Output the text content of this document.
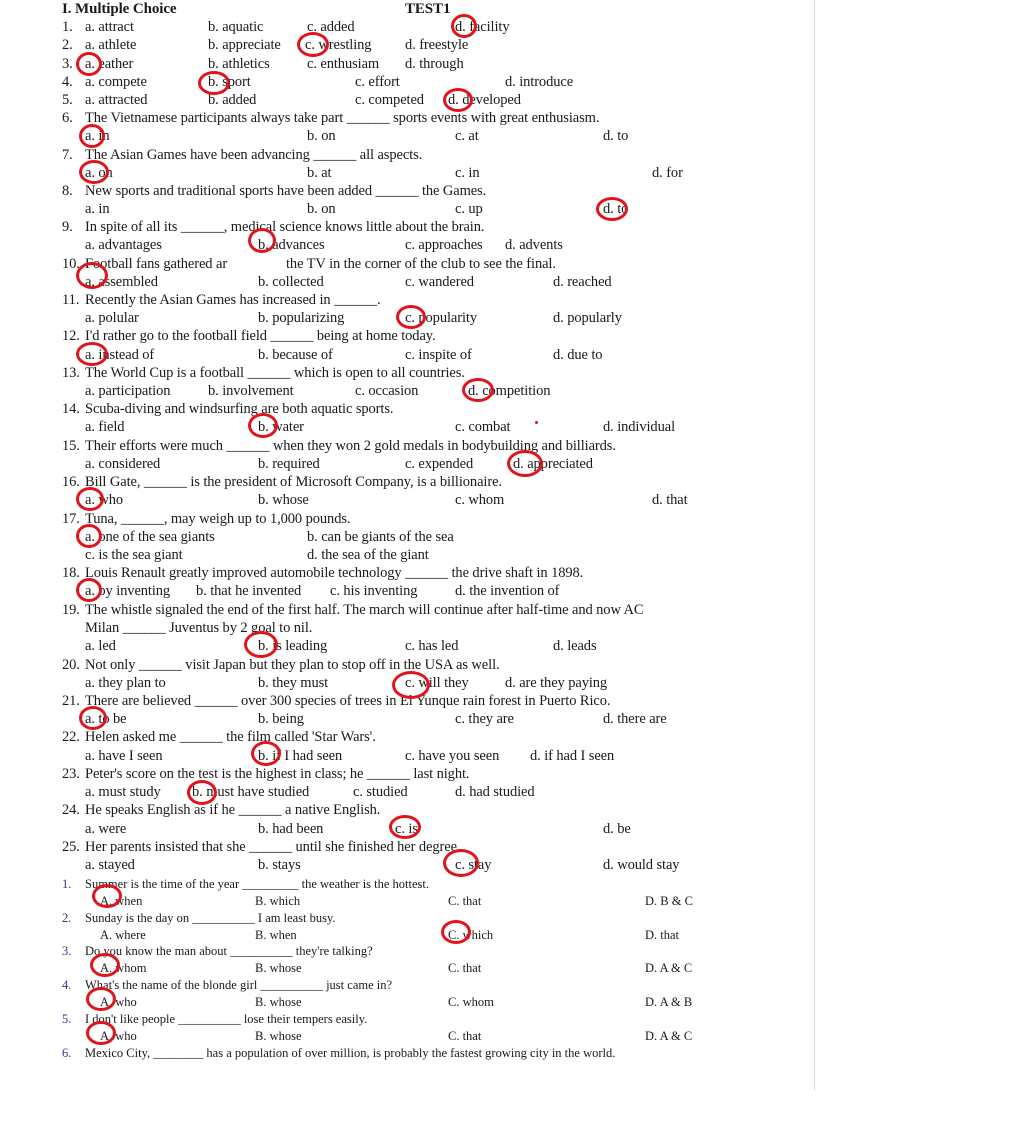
I. Multiple Choice	TEST1
1. a. attract	b. aquatic	c. added	d. facility
2. a. athlete	b. appreciate c. wrestling d. freestyle
3. a. eather	b. athletics	c. enthusiam d. through
4. a. compete	b. sport	c. effort	d. introduce
5. a. attracted	b. added	c. competed d. developed
6. The Vietnamese participants always take part ______ sports events with great enthusiasm.
a. in	b. on	c. at	d. to
7. The Asian Games have been advancing ______ all aspects.
a. on	b. at	c. in	d. for
8. New sports and traditional sports have been added ______ the Games.
a. in	b. on	c. up	d. to
9. In spite of all its ______, medical science knows little about the brain.
a. advantages	b. advances	c. approaches d. advents
10. Football fans gathered ar	the TV in the corner of the club to see the final.
a. assembled	b. collected	c. wandered	d. reached
11. Recently the Asian Games has increased in ______.
a. polular	b. popularizing	c. popularity	d. popularly
12. I'd rather go to the football field ______ being at home today.
a. instead of	b. because of	c. inspite of	d. due to
13. The World Cup is a football ______ which is open to all countries.
a. participation	b. involvement	c. occasion	d. competition
14. Scuba-diving and windsurfing are both aquatic sports.
a. field	b. water	c. combat	d. individual
15. Their efforts were much ______ when they won 2 gold medals in bodybuilding and billiards.
a. considered	b. required	c. expended	d. appreciated
16. Bill Gate, ______ is the president of Microsoft Company, is a billionaire.
a. who	b. whose	c. whom	d. that
17. Tuna, ______, may weigh up to 1,000 pounds.
a. one of the sea giants	b. can be giants of the sea
c. is the sea giant	d. the sea of the giant
18. Louis Renault greatly improved automobile technology ______ the drive shaft in 1898.
a. by inventing b. that he invented c. his inventing	d. the invention of
19. The whistle signaled the end of the first half. The march will continue after half-time and now AC
Milan ______ Juventus by 2 goal to nil.
a. led	b. is leading	c. has led	d. leads
20. Not only ______ visit Japan but they plan to stop off in the USA as well.
a. they plan to	b. they must	c. will they	d. are they paying
21. There are believed ______ over 300 species of trees in El Yunque rain forest in Puerto Rico.
a. to be	b. being	c. they are	d. there are
22. Helen asked me ______ the film called 'Star Wars'.
a. have I seen	b. if I had seen	c. have you seen d. if had I seen
23. Peter's score on the test is the highest in class; he ______ last night.
a. must study b. must have studied	c. studied	d. had studied
24. He speaks English as if he ______ a native English.
a. were	b. had been	c. is	d. be
25. Her parents insisted that she ______ until she finished her degree.
a. stayed	b. stays	c. stay	d. would stay
1. Summer is the time of the year _________ the weather is the hottest.
A. when	B. which	C. that	D. B & C
2. Sunday is the day on __________ I am least busy.
A. where	B. when	C. which	D. that
3. Do you know the man about __________ they're talking?
A. whom	B. whose	C. that	D. A & C
4. What's the name of the blonde girl __________ just came in?
A. who	B. whose	C. whom	D. A & B
5. I don't like people __________ lose their tempers easily.
A. who	B. whose	C. that	D. A & C
6. Mexico City, ________ has a population of over million, is probably the fastest growing city in the world.
